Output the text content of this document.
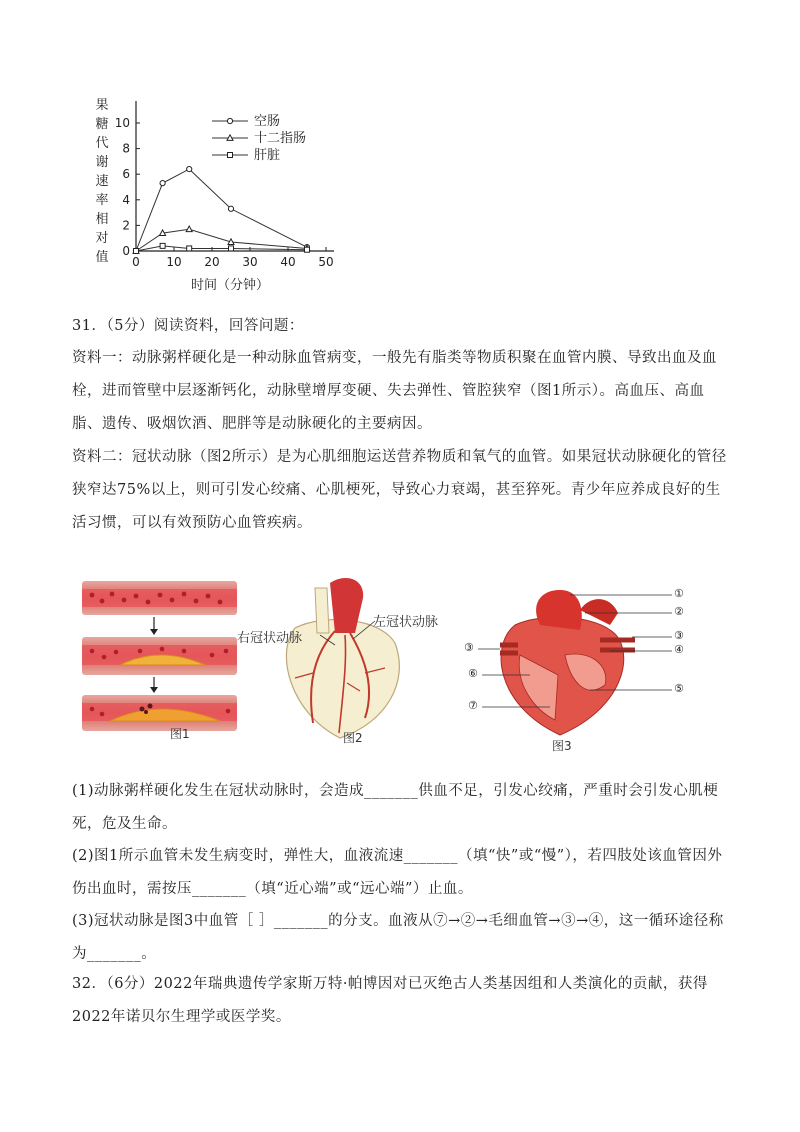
果
糖
代
谢
速
率
相
对
值 0 10 20 30 40 50
0
2
4
6
8
10	空肠
十二指肠
肝脏
时间（分钟）
31．（5分）阅读资料，回答问题：
资料一：动脉粥样硬化是一种动脉血管病变，一般先有脂类等物质积聚在血管内膜、导致出血及血栓，进而管壁中层逐渐钙化，动脉壁增厚变硬、失去弹性、管腔狭窄（图1所示）。高血压、高血脂、遗传、吸烟饮酒、肥胖等是动脉硬化的主要病因。
资料二：冠状动脉（图2所示）是为心肌细胞运送营养物质和氧气的血管。如果冠状动脉硬化的管径狭窄达75%以上，则可引发心绞痛、心肌梗死，导致心力衰竭，甚至猝死。青少年应养成良好的生活习惯，可以有效预防心血管疾病。
图1
右冠状动脉
左冠状动脉
图2
①
②
③
④
⑤
③
⑥
⑦
图3
(1)动脉粥样硬化发生在冠状动脉时，会造成_______供血不足，引发心绞痛，严重时会引发心肌梗死，危及生命。
(2)图1所示血管未发生病变时，弹性大，血液流速_______（填“快”或“慢”），若四肢处该血管因外伤出血时，需按压_______（填“近心端”或“远心端”）止血。
(3)冠状动脉是图3中血管［ ］_______的分支。血液从⑦→②→毛细血管→③→④，这一循环途径称为_______。
32．（6分）2022年瑞典遗传学家斯万特·帕博因对已灭绝古人类基因组和人类演化的贡献，获得2022年诺贝尔生理学或医学奖。
